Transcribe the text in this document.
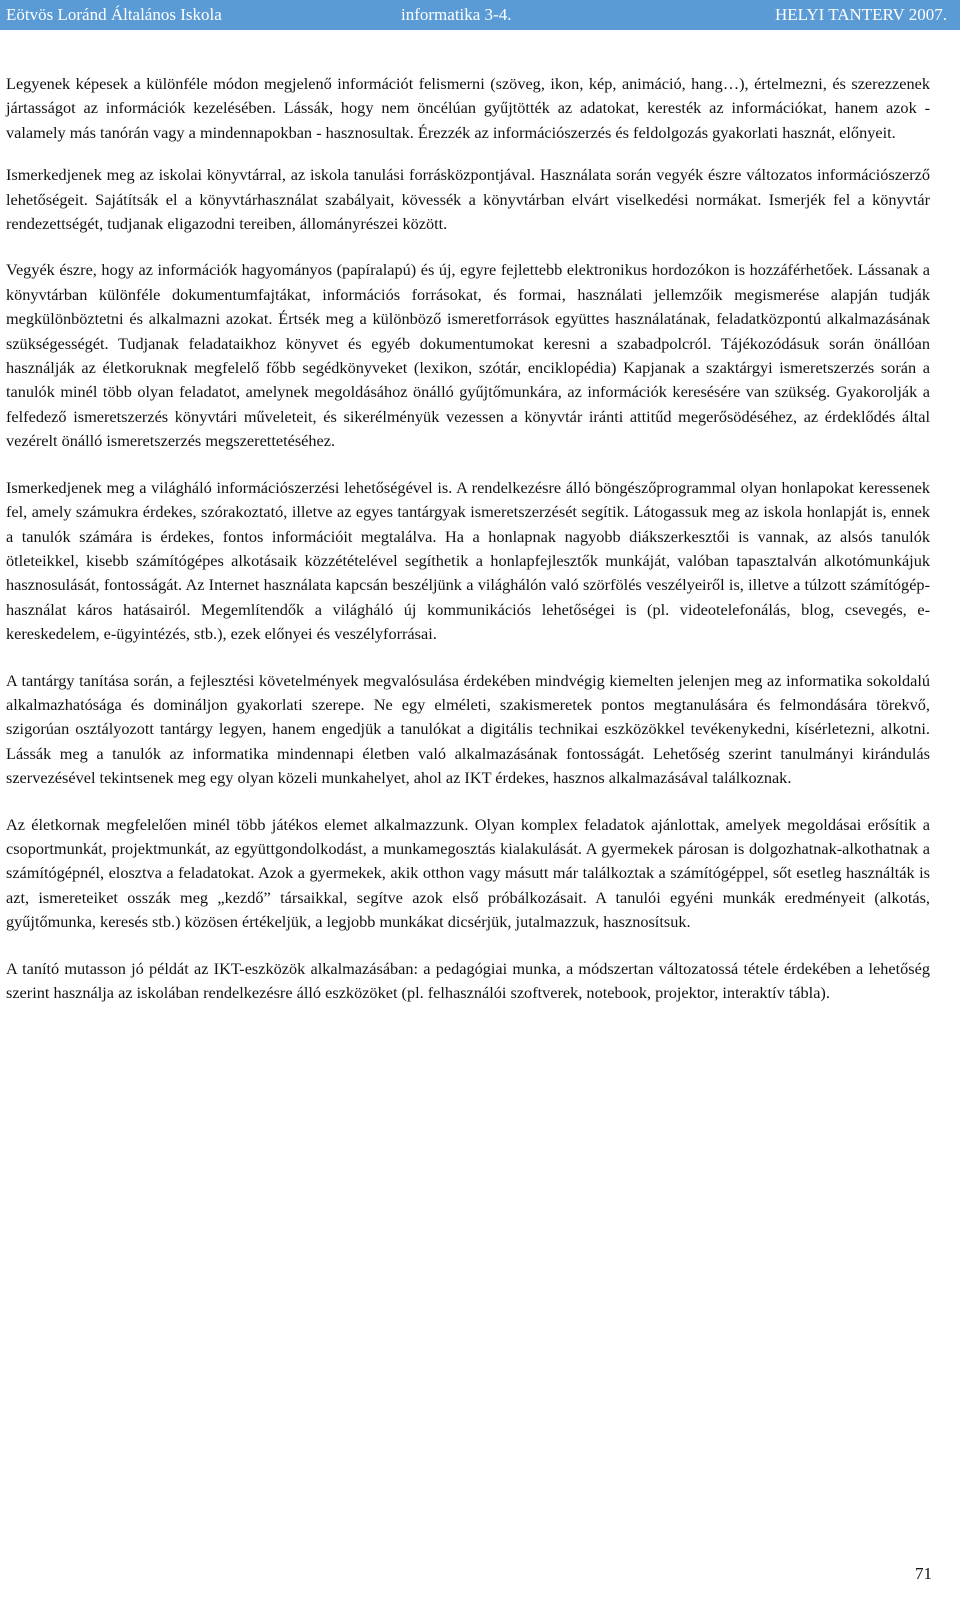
Eötvös Loránd Általános Iskola	informatika 3-4.	HELYI TANTERV 2007.

Legyenek képesek a különféle módon megjelenő információt felismerni (szöveg, ikon, kép, animáció, hang…), értelmezni, és szerezzenek jártasságot az információk kezelésében. Lássák, hogy nem öncélúan gyűjtötték az adatokat, keresték az információkat, hanem azok - valamely más tanórán vagy a mindennapokban - hasznosultak. Érezzék az információszerzés és feldolgozás gyakorlati hasznát, előnyeit.

Ismerkedjenek meg az iskolai könyvtárral, az iskola tanulási forrásközpontjával. Használata során vegyék észre változatos információszerző lehetőségeit. Sajátítsák el a könyvtárhasználat szabályait, kövessék a könyvtárban elvárt viselkedési normákat. Ismerjék fel a könyvtár rendezettségét, tudjanak eligazodni tereiben, állományrészei között.

Vegyék észre, hogy az információk hagyományos (papíralapú) és új, egyre fejlettebb elektronikus hordozókon is hozzáférhetőek. Lássanak a könyvtárban különféle dokumentumfajtákat, információs forrásokat, és formai, használati jellemzőik megismerése alapján tudják megkülönböztetni és alkalmazni azokat. Értsék meg a különböző ismeretforrások együttes használatának, feladatközpontú alkalmazásának szükségességét. Tudjanak feladataikhoz könyvet és egyéb dokumentumokat keresni a szabadpolcról. Tájékozódásuk során önállóan használják az életkoruknak megfelelő főbb segédkönyveket (lexikon, szótár, enciklopédia) Kapjanak a szaktárgyi ismeretszerzés során a tanulók minél több olyan feladatot, amelynek megoldásához önálló gyűjtőmunkára, az információk keresésére van szükség. Gyakorolják a felfedező ismeretszerzés könyvtári műveleteit, és sikerélményük vezessen a könyvtár iránti attitűd megerősödéséhez, az érdeklődés által vezérelt önálló ismeretszerzés megszerettetéséhez.

Ismerkedjenek meg a világháló információszerzési lehetőségével is. A rendelkezésre álló böngészőprogrammal olyan honlapokat keressenek fel, amely számukra érdekes, szórakoztató, illetve az egyes tantárgyak ismeretszerzését segítik. Látogassuk meg az iskola honlapját is, ennek a tanulók számára is érdekes, fontos információit megtalálva. Ha a honlapnak nagyobb diákszerkesztői is vannak, az alsós tanulók ötleteikkel, kisebb számítógépes alkotásaik közzétételével segíthetik a honlapfejlesztők munkáját, valóban tapasztalván alkotómunkájuk hasznosulását, fontosságát. Az Internet használata kapcsán beszéljünk a világhálón való szörfölés veszélyeiről is, illetve a túlzott számítógép-használat káros hatásairól. Megemlítendők a világháló új kommunikációs lehetőségei is (pl. videotelefonálás, blog, csevegés, e-kereskedelem, e-ügyintézés, stb.), ezek előnyei és veszélyforrásai.

A tantárgy tanítása során, a fejlesztési követelmények megvalósulása érdekében mindvégig kiemelten jelenjen meg az informatika sokoldalú alkalmazhatósága és domináljon gyakorlati szerepe. Ne egy elméleti, szakismeretek pontos megtanulására és felmondására törekvő, szigorúan osztályozott tantárgy legyen, hanem engedjük a tanulókat a digitális technikai eszközökkel tevékenykedni, kísérletezni, alkotni. Lássák meg a tanulók az informatika mindennapi életben való alkalmazásának fontosságát. Lehetőség szerint tanulmányi kirándulás szervezésével tekintsenek meg egy olyan közeli munkahelyet, ahol az IKT érdekes, hasznos alkalmazásával találkoznak.

Az életkornak megfelelően minél több játékos elemet alkalmazzunk. Olyan komplex feladatok ajánlottak, amelyek megoldásai erősítik a csoportmunkát, projektmunkát, az együttgondolkodást, a munkamegosztás kialakulását. A gyermekek párosan is dolgozhatnak-alkothatnak a számítógépnél, elosztva a feladatokat. Azok a gyermekek, akik otthon vagy másutt már találkoztak a számítógéppel, sőt esetleg használták is azt, ismereteiket osszák meg „kezdő” társaikkal, segítve azok első próbálkozásait. A tanulói egyéni munkák eredményeit (alkotás, gyűjtőmunka, keresés stb.) közösen értékeljük, a legjobb munkákat dicsérjük, jutalmazzuk, hasznosítsuk.

A tanító mutasson jó példát az IKT-eszközök alkalmazásában: a pedagógiai munka, a módszertan változatossá tétele érdekében a lehetőség szerint használja az iskolában rendelkezésre álló eszközöket (pl. felhasználói szoftverek, notebook, projektor, interaktív tábla).

71
